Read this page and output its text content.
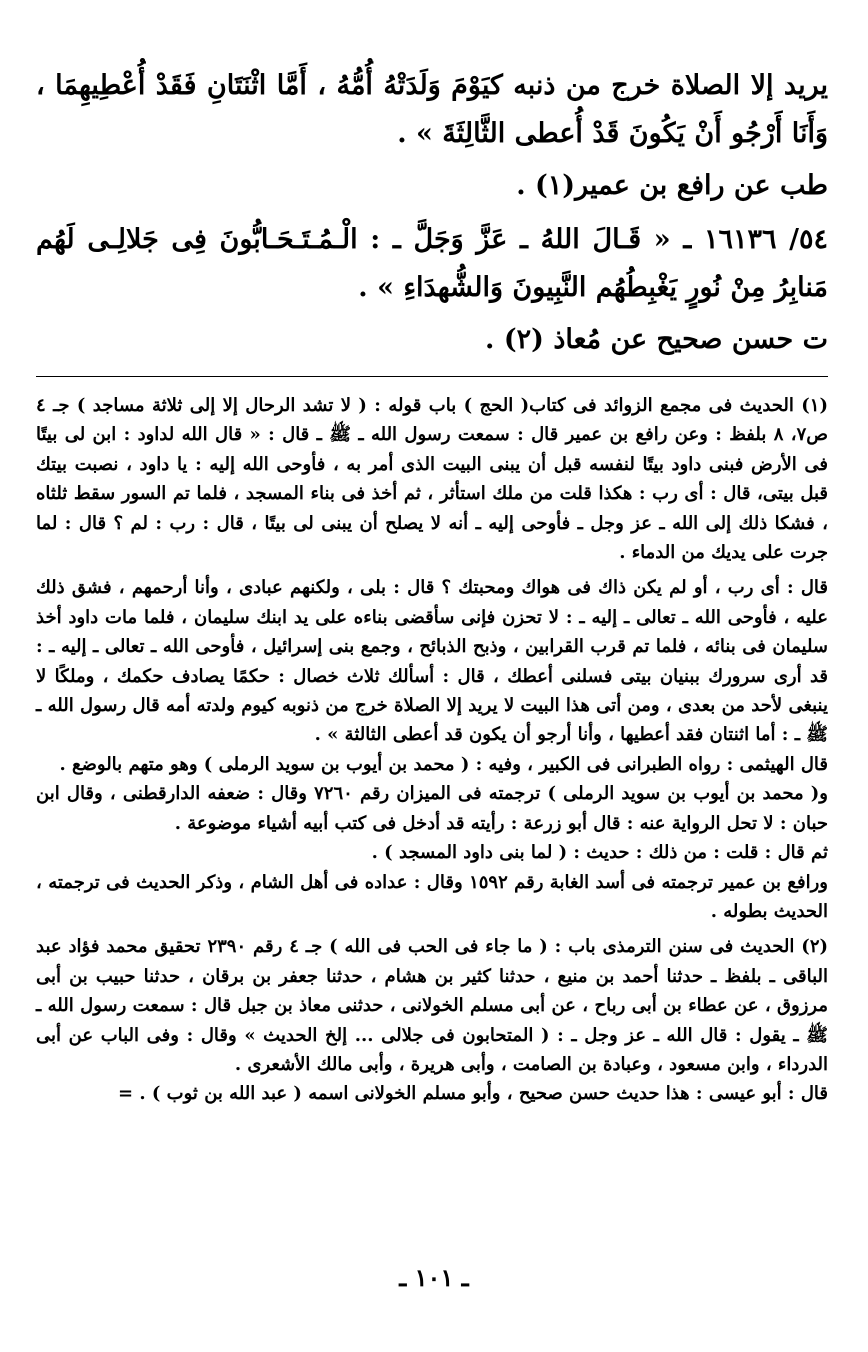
يريد إلا الصلاة خرج من ذنبه كيَوْمَ وَلَدَتْهُ أُمُّهُ ، أَمَّا اثْنَتَانِ فَقَدْ أُعْطِيهِمَا ، وَأَنَا أَرْجُو أَنْ يَكُونَ قَدْ أُعطى الثَّالِثَةَ » .

طب عن رافع بن عمير(١) .

٥٤/ ١٦١٣٦ ـ « قَـالَ اللهُ ـ عَزَّ وَجَلَّ ـ : الْـمُـتَـحَـابُّونَ فِى جَلالِـى لَهُم مَنابِرُ مِنْ نُورٍ يَغْبِطُهُم النَّبِيونَ وَالشُّهدَاءِ » .

ت حسن صحيح عن مُعاذ (٢) .

(١) الحديث فى مجمع الزوائد فى كتاب( الحج ) باب قوله : ( لا تشد الرحال إلا إلى ثلاثة مساجد ) جـ ٤ ص٧، ٨ بلفظ : وعن رافع بن عمير قال : سمعت رسول الله ـ ﷺ ـ قال : « قال الله لداود : ابن لى بيتًا فى الأرض فبنى داود بيتًا لنفسه قبل أن يبنى البيت الذى أمر به ، فأوحى الله إليه : يا داود ، نصبت بيتك قبل بيتى، قال : أى رب : هكذا قلت من ملك استأثر ، ثم أخذ فى بناء المسجد ، فلما تم السور سقط ثلثاه ، فشكا ذلك إلى الله ـ عز وجل ـ فأوحى إليه ـ أنه لا يصلح أن يبنى لى بيتًا ، قال : رب : لم ؟ قال : لما جرت على يديك من الدماء .

قال : أى رب ، أو لم يكن ذاك فى هواك ومحبتك ؟ قال : بلى ، ولكنهم عبادى ، وأنا أرحمهم ، فشق ذلك عليه ، فأوحى الله ـ تعالى ـ إليه ـ : لا تحزن فإنى سأقضى بناءه على يد ابنك سليمان ، فلما مات داود أخذ سليمان فى بنائه ، فلما تم قرب القرابين ، وذبح الذبائح ، وجمع بنى إسرائيل ، فأوحى الله ـ تعالى ـ إليه ـ : قد أرى سرورك ببنيان بيتى فسلنى أعطك ، قال : أسألك ثلاث خصال : حكمًا يصادف حكمك ، وملكًا لا ينبغى لأحد من بعدى ، ومن أتى هذا البيت لا يريد إلا الصلاة خرج من ذنوبه كيوم ولدته أمه قال رسول الله ـ ﷺ ـ : أما اثنتان فقد أعطيها ، وأنا أرجو أن يكون قد أعطى الثالثة » .

قال الهيثمى : رواه الطبرانى فى الكبير ، وفيه : ( محمد بن أيوب بن سويد الرملى ) وهو متهم بالوضع .

و( محمد بن أيوب بن سويد الرملى ) ترجمته فى الميزان رقم ٧٢٦٠ وقال : ضعفه الدارقطنى ، وقال ابن حبان : لا تحل الرواية عنه : قال أبو زرعة : رأيته قد أدخل فى كتب أبيه أشياء موضوعة .

ثم قال : قلت : من ذلك : حديث : ( لما بنى داود المسجد ) .

ورافع بن عمير ترجمته فى أسد الغابة رقم ١٥٩٢ وقال : عداده فى أهل الشام ، وذكر الحديث فى ترجمته ، الحديث بطوله .

(٢) الحديث فى سنن الترمذى باب : ( ما جاء فى الحب فى الله ) جـ ٤ رقم ٢٣٩٠ تحقيق محمد فؤاد عبد الباقى ـ بلفظ ـ حدثنا أحمد بن منيع ، حدثنا كثير بن هشام ، حدثنا جعفر بن برقان ، حدثنا حبيب بن أبى مرزوق ، عن عطاء بن أبى رباح ، عن أبى مسلم الخولانى ، حدثنى معاذ بن جبل قال : سمعت رسول الله ـ ﷺ ـ يقول : قال الله ـ عز وجل ـ : ( المتحابون فى جلالى ... إلخ الحديث » وقال : وفى الباب عن أبى الدرداء ، وابن مسعود ، وعبادة بن الصامت ، وأبى هريرة ، وأبى مالك الأشعرى .

قال : أبو عيسى : هذا حديث حسن صحيح ، وأبو مسلم الخولانى اسمه ( عبد الله بن ثوب ) . =

ـ ١٠١ ـ
